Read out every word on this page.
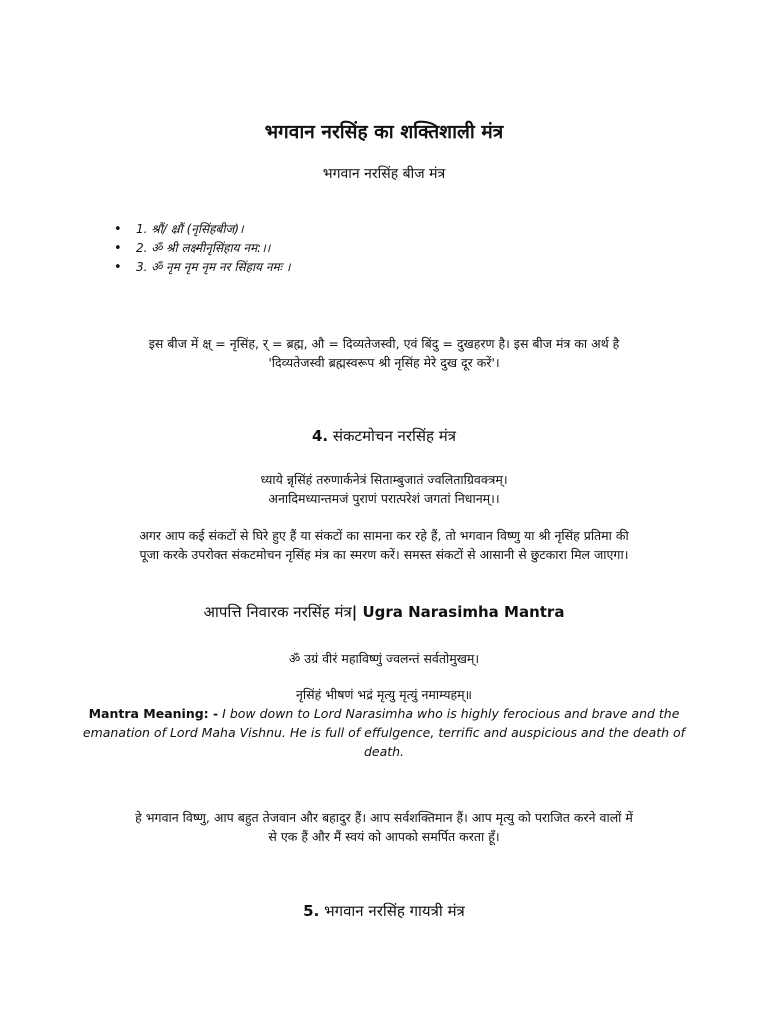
भगवान नरसिंह का शक्तिशाली मंत्र
भगवान नरसिंह बीज मंत्र
• 1. श्रौं/ क्ष्रौं (नृसिंहबीज)।
• 2. ॐ श्री लक्ष्मीनृसिंहाय नम:।।
• 3. ॐ नृम नृम नृम नर सिंहाय नमः ।
इस बीज में क्ष् = नृसिंह, र् = ब्रह्म, औ = दिव्यतेजस्वी, एवं बिंदु = दुखहरण है। इस बीज मंत्र का अर्थ है
'दिव्यतेजस्वी ब्रह्मस्वरूप श्री नृसिंह मेरे दुख दूर करें'।
4. संकटमोचन नरसिंह मंत्र
ध्याये न्नृसिंहं तरुणार्कनेत्रं सिताम्बुजातं ज्वलिताग्रिवक्त्रम्।
अनादिमध्यान्तमजं पुराणं परात्परेशं जगतां निधानम्।।
अगर आप कई संकटों से घिरे हुए हैं या संकटों का सामना कर रहे हैं, तो भगवान विष्णु या श्री नृसिंह प्रतिमा की
पूजा करके उपरोक्त संकटमोचन नृसिंह मंत्र का स्मरण करें। समस्त संकटों से आसानी से छुटकारा मिल जाएगा।
आपत्ति निवारक नरसिंह मंत्र| Ugra Narasimha Mantra
ॐ उग्रं वीरं महाविष्णुं ज्वलन्तं सर्वतोमुखम्।
नृसिंहं भीषणं भद्रं मृत्यु मृत्युं नमाम्यहम्॥
Mantra Meaning: - I bow down to Lord Narasimha who is highly ferocious and brave and the
emanation of Lord Maha Vishnu. He is full of effulgence, terrific and auspicious and the death of
death.
हे भगवान विष्णु, आप बहुत तेजवान और बहादुर हैं। आप सर्वशक्तिमान हैं। आप मृत्यु को पराजित करने वालों में
से एक हैं और मैं स्वयं को आपको समर्पित करता हूँ।
5. भगवान नरसिंह गायत्री मंत्र
